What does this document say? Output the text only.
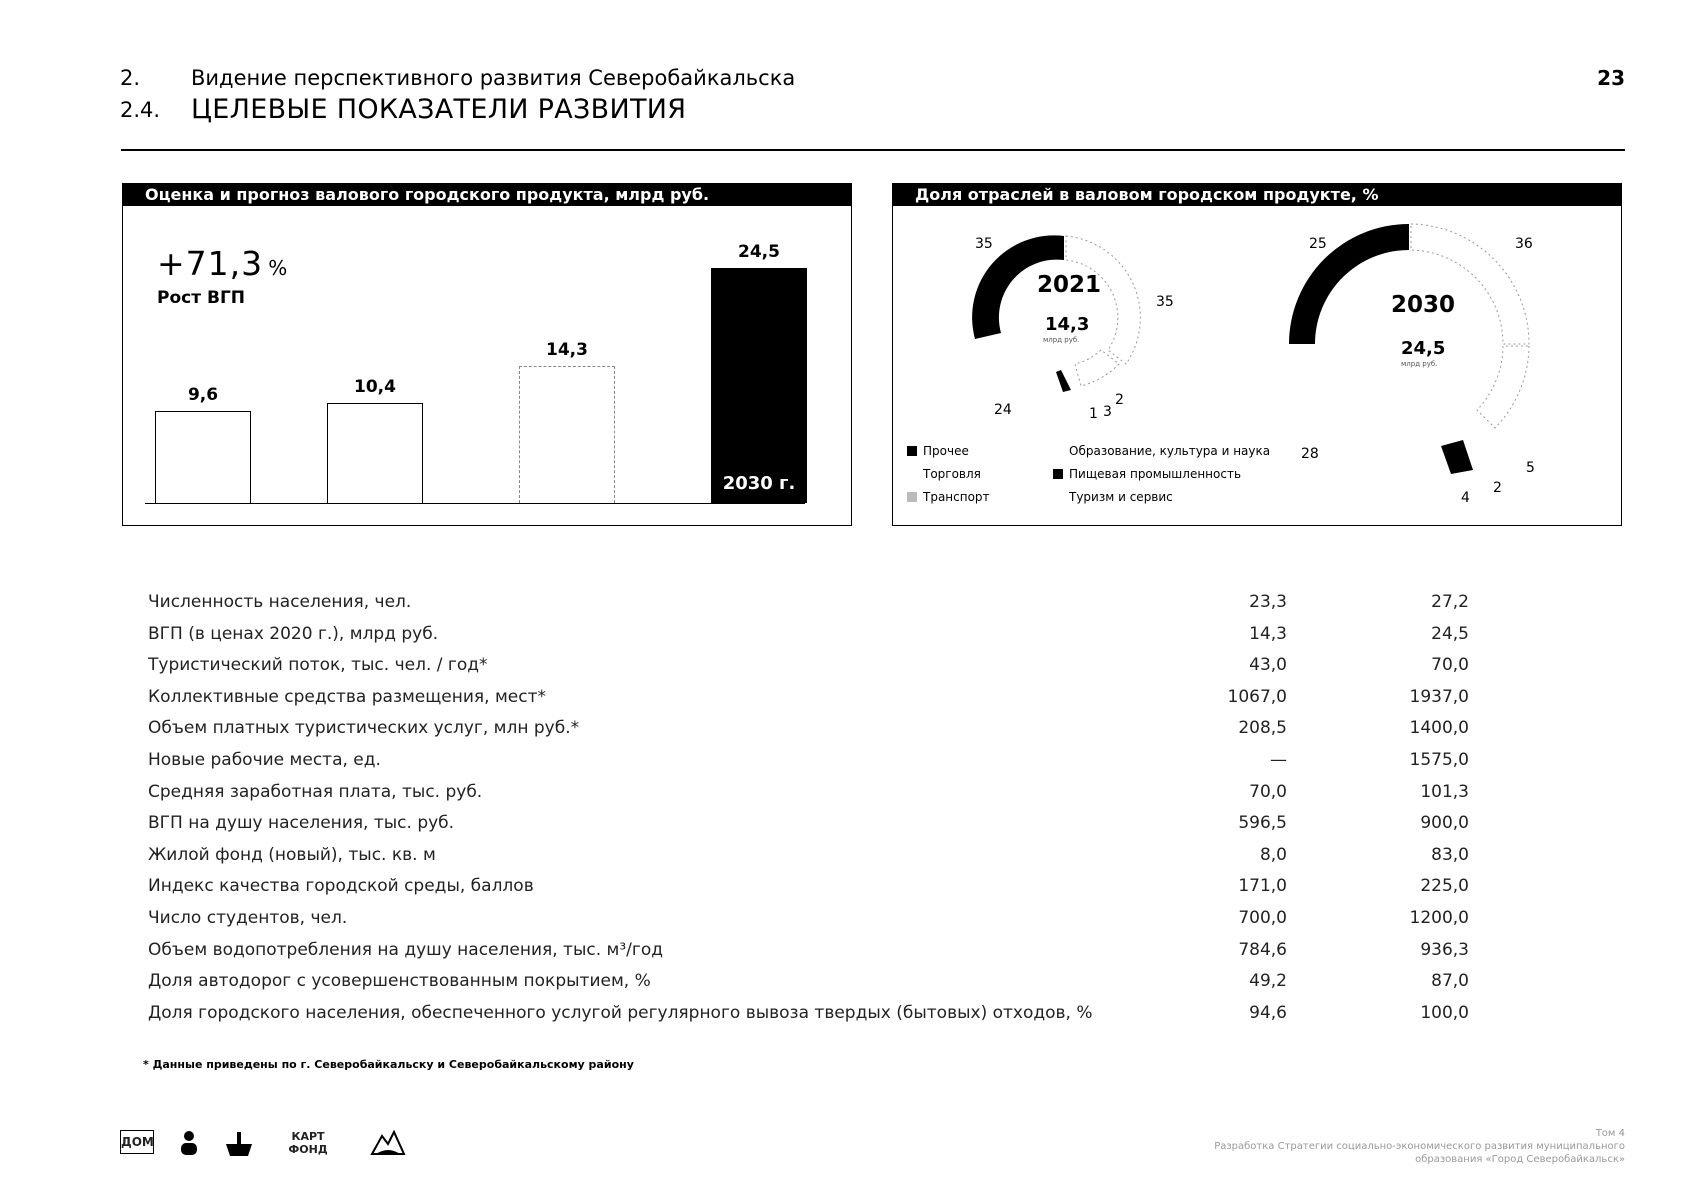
2. Видение перспективного развития Северобайкальска
2.4. ЦЕЛЕВЫЕ ПОКАЗАТЕЛИ РАЗВИТИЯ
23
Оценка и прогноз валового городского продукта, млрд руб.
+71,3 %
Рост ВГП
9,6	10,4
14,3
24,5
2030 г.
Доля отраслей в валовом городском продукте, %
35
35
24
2
1 3
2021
14,3
млрд руб.
25	36
28
5
2
4
2030
24,5
млрд руб.
Прочее
Торговля
Транспорт
Образование, культура и наука
Пищевая промышленность
Туризм и сервис
Численность населения, чел.	23,3	27,2
ВГП (в ценах 2020 г.), млрд руб.	14,3	24,5
Туристический поток, тыс. чел. / год*	43,0	70,0
Коллективные средства размещения, мест*	1067,0	1937,0
Объем платных туристических услуг, млн руб.*	208,5	1400,0
Новые рабочие места, ед.	—	1575,0
Средняя заработная плата, тыс. руб.	70,0	101,3
ВГП на душу населения, тыс. руб.	596,5	900,0
Жилой фонд (новый), тыс. кв. м	8,0	83,0
Индекс качества городской среды, баллов	171,0	225,0
Число студентов, чел.	700,0	1200,0
Объем водопотребления на душу населения, тыс. м³/год	784,6	936,3
Доля автодорог с усовершенствованным покрытием, %	49,2	87,0
Доля городского населения, обеспеченного услугой регулярного вывоза твердых (бытовых) отходов, %	94,6	100,0
* Данные приведены по г. Северобайкальску и Северобайкальскому району
ДОМ	КАРТ ФОНД
Том 4
Разработка Стратегии социально-экономического развития муниципального
образования «Город Северобайкальск»
